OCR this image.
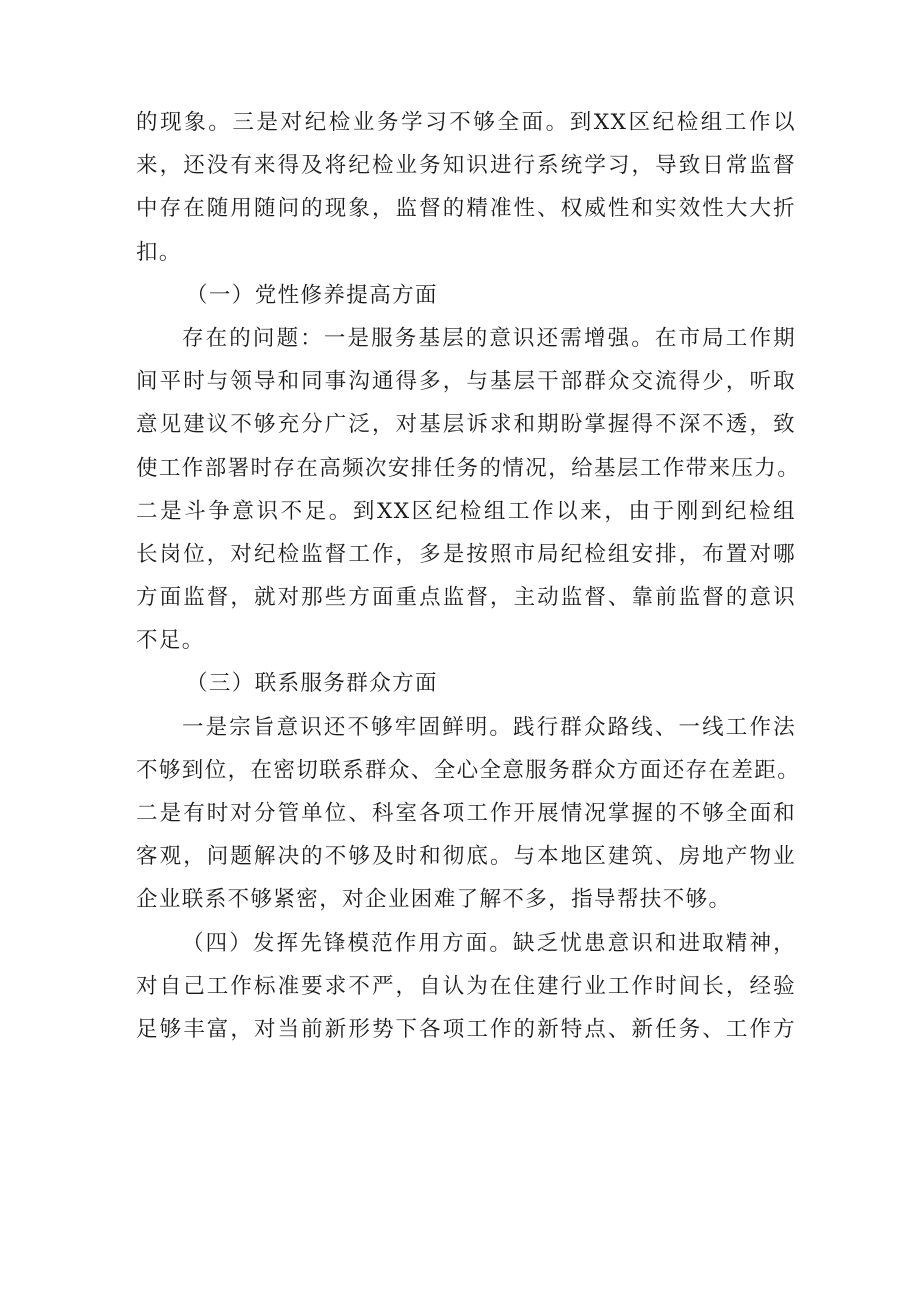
的现象。三是对纪检业务学习不够全面。到XX区纪检组工作以
来，还没有来得及将纪检业务知识进行系统学习，导致日常监督
中存在随用随问的现象，监督的精准性、权威性和实效性大大折
扣。
（一）党性修养提高方面
存在的问题：一是服务基层的意识还需增强。在市局工作期
间平时与领导和同事沟通得多，与基层干部群众交流得少，听取
意见建议不够充分广泛，对基层诉求和期盼掌握得不深不透，致
使工作部署时存在高频次安排任务的情况，给基层工作带来压力。
二是斗争意识不足。到XX区纪检组工作以来，由于刚到纪检组
长岗位，对纪检监督工作，多是按照市局纪检组安排，布置对哪
方面监督，就对那些方面重点监督，主动监督、靠前监督的意识
不足。
（三）联系服务群众方面
一是宗旨意识还不够牢固鲜明。践行群众路线、一线工作法
不够到位，在密切联系群众、全心全意服务群众方面还存在差距。
二是有时对分管单位、科室各项工作开展情况掌握的不够全面和
客观，问题解决的不够及时和彻底。与本地区建筑、房地产物业
企业联系不够紧密，对企业困难了解不多，指导帮扶不够。
（四）发挥先锋模范作用方面。缺乏忧患意识和进取精神，
对自己工作标准要求不严，自认为在住建行业工作时间长，经验
足够丰富，对当前新形势下各项工作的新特点、新任务、工作方
